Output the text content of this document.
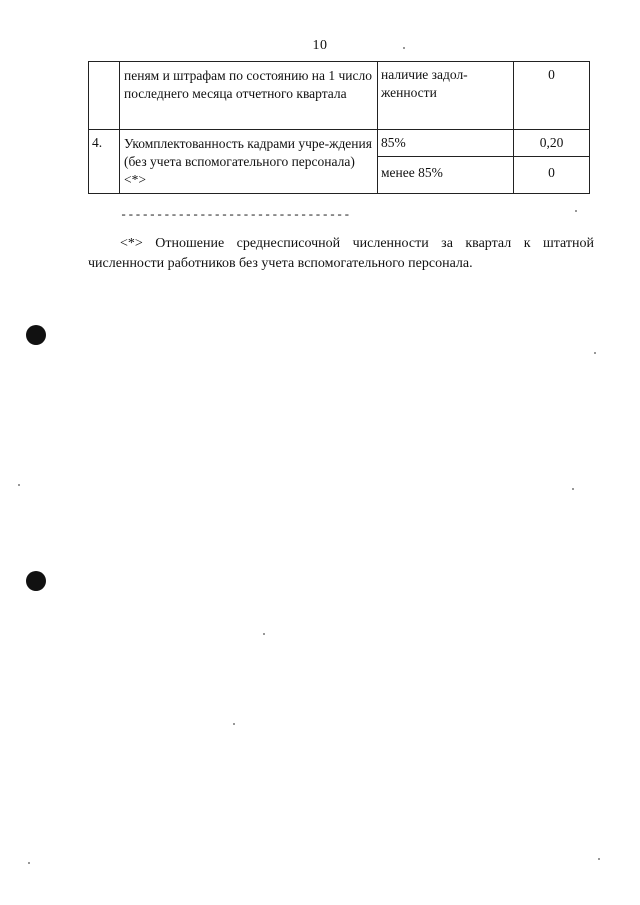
10
	пеням и штрафам по состоянию на 1 число последнего месяца отчетного квартала	наличие задол-женности	0
4.	Укомплектованность кадрами учре-ждения (без учета вспомогательного персонала) <*>	85%	0,20
		менее 85%	0
--------------------------------
<*> Отношение среднесписочной численности за квартал к штатной численности работников без учета вспомогательного персонала.
